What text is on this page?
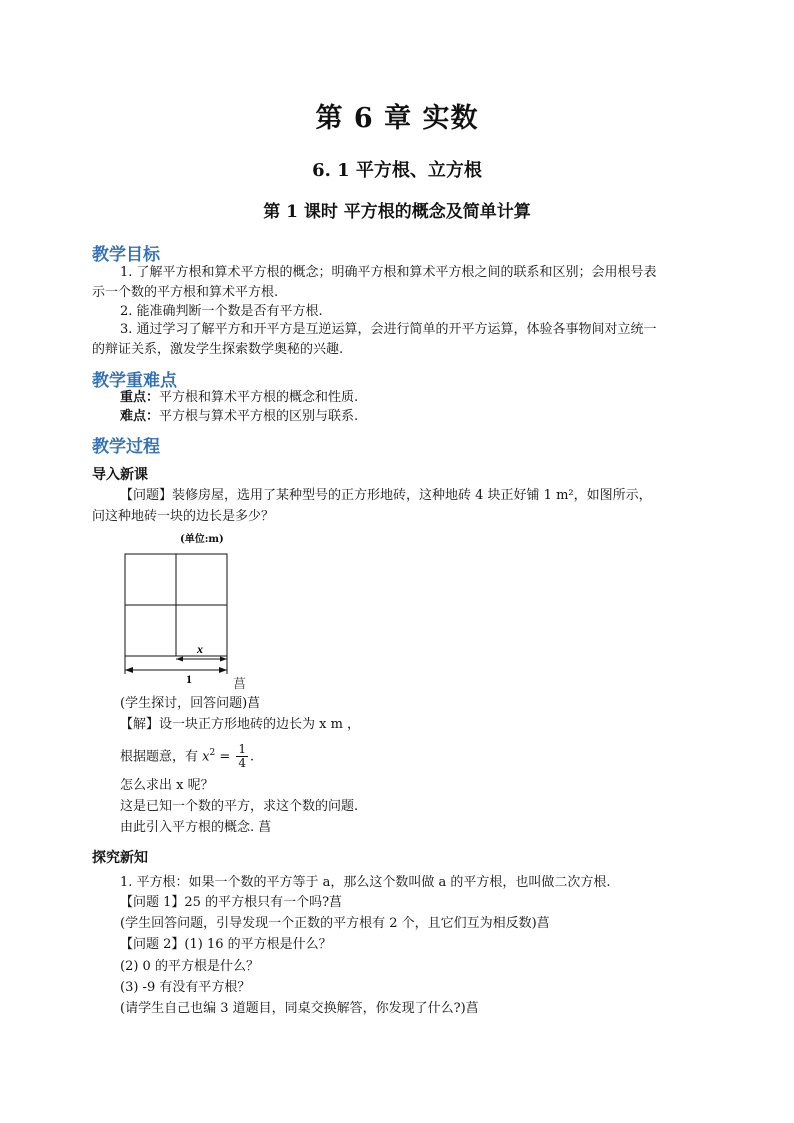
第 6 章 实数
6. 1 平方根、立方根
第 1 课时 平方根的概念及简单计算
教学目标
1. 了解平方根和算术平方根的概念；明确平方根和算术平方根之间的联系和区别；会用根号表
示一个数的平方根和算术平方根.
2. 能准确判断一个数是否有平方根.
3. 通过学习了解平方和开平方是互逆运算，会进行简单的开平方运算，体验各事物间对立统一
的辩证关系，激发学生探索数学奥秘的兴趣.
教学重难点
重点：平方根和算术平方根的概念和性质.
难点：平方根与算术平方根的区别与联系.
教学过程
导入新课
【问题】装修房屋，选用了某种型号的正方形地砖，这种地砖 4 块正好铺 1 m²，如图所示，
问这种地砖一块的边长是多少？
(单位:m)
x
1	菖
(学生探讨，回答问题)菖
【解】设一块正方形地砖的边长为 x m ，
根据题意，有 $x^2 = \frac{1}{4}$ .
怎么求出 x 呢？
这是已知一个数的平方，求这个数的问题.
由此引入平方根的概念. 菖
探究新知
1. 平方根：如果一个数的平方等于 a，那么这个数叫做 a 的平方根，也叫做二次方根.
【问题 1】25 的平方根只有一个吗?菖
(学生回答问题，引导发现一个正数的平方根有 2 个，且它们互为相反数)菖
【问题 2】(1) 16 的平方根是什么？
(2) 0 的平方根是什么？
(3) -9 有没有平方根？
(请学生自己也编 3 道题目，同桌交换解答，你发现了什么?)菖
